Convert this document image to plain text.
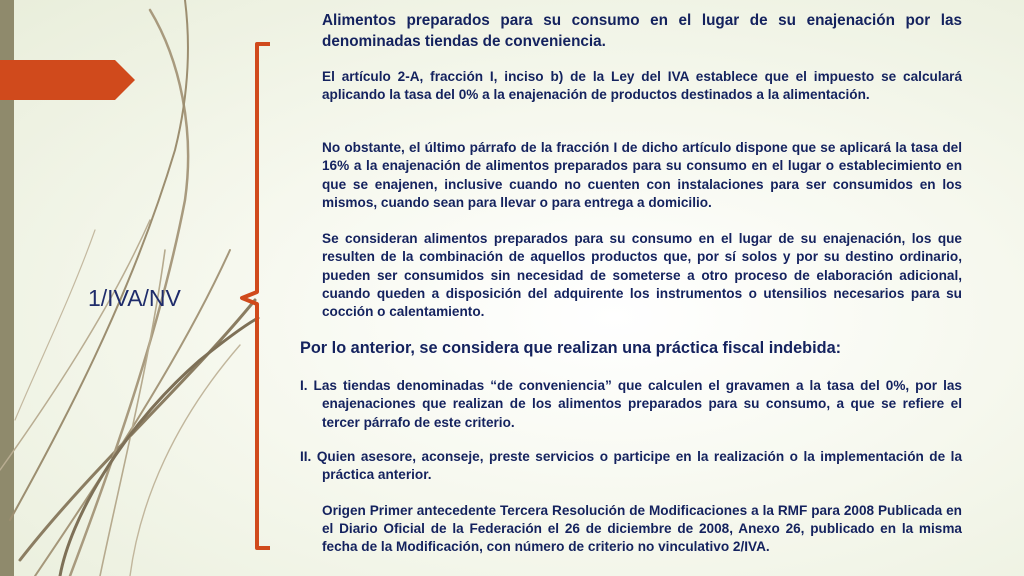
1/IVA/NV

Alimentos preparados para su consumo en el lugar de su enajenación por las denominadas tiendas de conveniencia.

El artículo 2-A, fracción I, inciso b) de la Ley del IVA establece que el impuesto se calculará aplicando la tasa del 0% a la enajenación de productos destinados a la alimentación.

No obstante, el último párrafo de la fracción I de dicho artículo dispone que se aplicará la tasa del 16% a la enajenación de alimentos preparados para su consumo en el lugar o establecimiento en que se enajenen, inclusive cuando no cuenten con instalaciones para ser consumidos en los mismos, cuando sean para llevar o para entrega a domicilio.

Se consideran alimentos preparados para su consumo en el lugar de su enajenación, los que resulten de la combinación de aquellos productos que, por sí solos y por su destino ordinario, pueden ser consumidos sin necesidad de someterse a otro proceso de elaboración adicional, cuando queden a disposición del adquirente los instrumentos o utensilios necesarios para su cocción o calentamiento.

Por lo anterior, se considera que realizan una práctica fiscal indebida:

I. Las tiendas denominadas “de conveniencia” que calculen el gravamen a la tasa del 0%, por las enajenaciones que realizan de los alimentos preparados para su consumo, a que se refiere el tercer párrafo de este criterio.

II. Quien asesore, aconseje, preste servicios o participe en la realización o la implementación de la práctica anterior.

Origen Primer antecedente Tercera Resolución de Modificaciones a la RMF para 2008 Publicada en el Diario Oficial de la Federación el 26 de diciembre de 2008, Anexo 26, publicado en la misma fecha de la Modificación, con número de criterio no vinculativo 2/IVA.
